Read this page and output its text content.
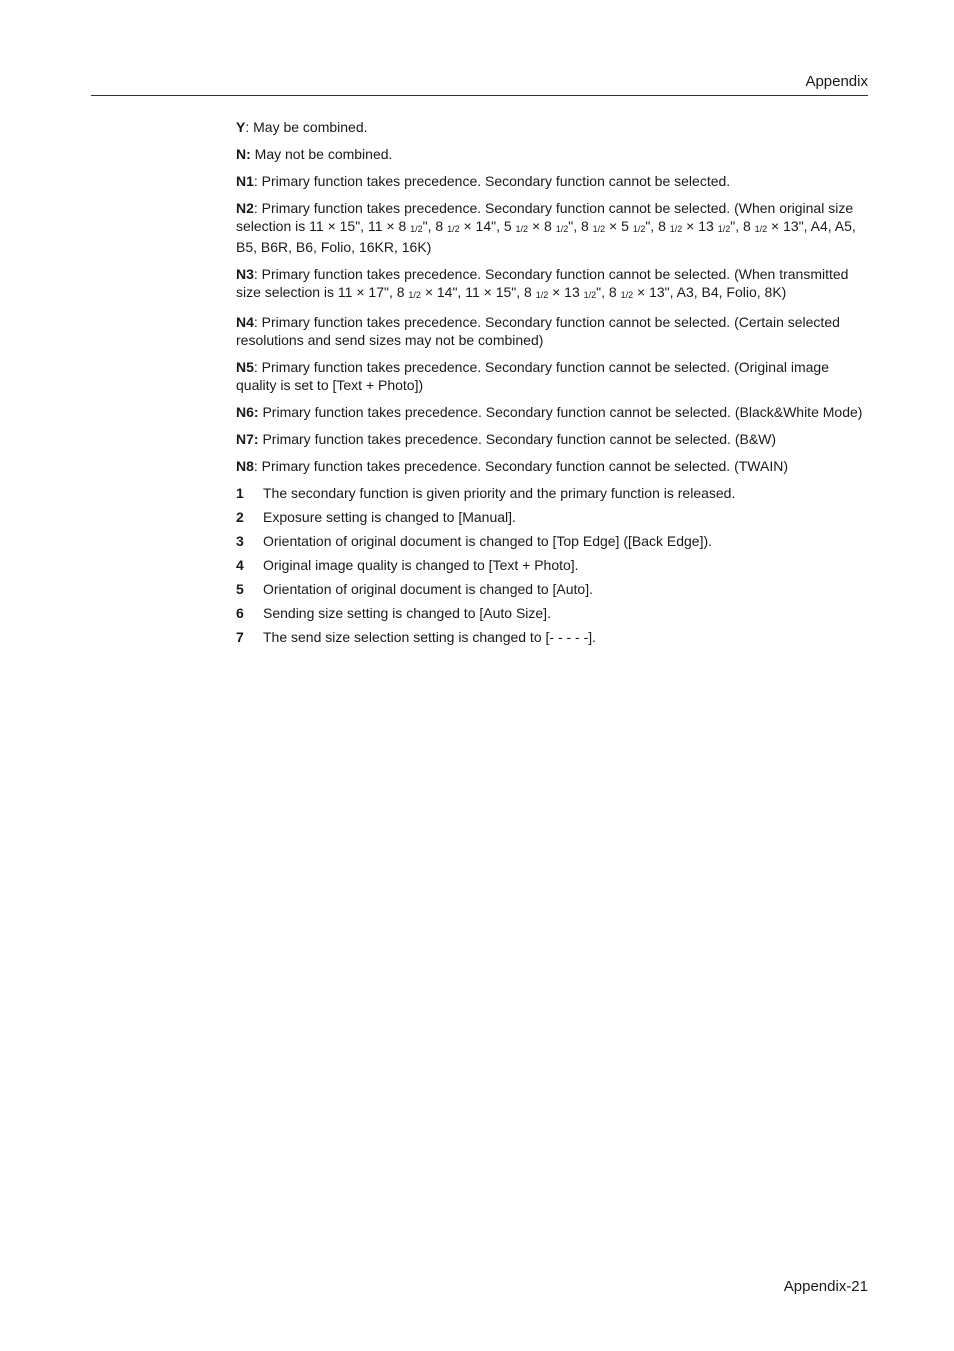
Appendix

Y: May be combined.

N: May not be combined.

N1: Primary function takes precedence. Secondary function cannot be selected.

N2: Primary function takes precedence. Secondary function cannot be selected. (When original size selection is 11 × 15", 11 × 8 $_{1/2}$", 8 $_{1/2}$ × 14", 5 $_{1/2}$ × 8 $_{1/2}$", 8 $_{1/2}$ × 5 $_{1/2}$", 8 $_{1/2}$ × 13 $_{1/2}$", 8 $_{1/2}$ × 13", A4, A5, B5, B6R, B6, Folio, 16KR, 16K)

N3: Primary function takes precedence. Secondary function cannot be selected. (When transmitted size selection is 11 × 17", 8 $_{1/2}$ × 14", 11 × 15", 8 $_{1/2}$ × 13 $_{1/2}$", 8 $_{1/2}$ × 13", A3, B4, Folio, 8K)

N4: Primary function takes precedence. Secondary function cannot be selected. (Certain selected resolutions and send sizes may not be combined)

N5: Primary function takes precedence. Secondary function cannot be selected. (Original image quality is set to [Text + Photo])

N6: Primary function takes precedence. Secondary function cannot be selected. (Black&White Mode)

N7: Primary function takes precedence. Secondary function cannot be selected. (B&W)

N8: Primary function takes precedence. Secondary function cannot be selected. (TWAIN)

1	The secondary function is given priority and the primary function is released.
2	Exposure setting is changed to [Manual].
3	Orientation of original document is changed to [Top Edge] ([Back Edge]).
4	Original image quality is changed to [Text + Photo].
5	Orientation of original document is changed to [Auto].
6	Sending size setting is changed to [Auto Size].
7	The send size selection setting is changed to [- - - - -].
Appendix-21
